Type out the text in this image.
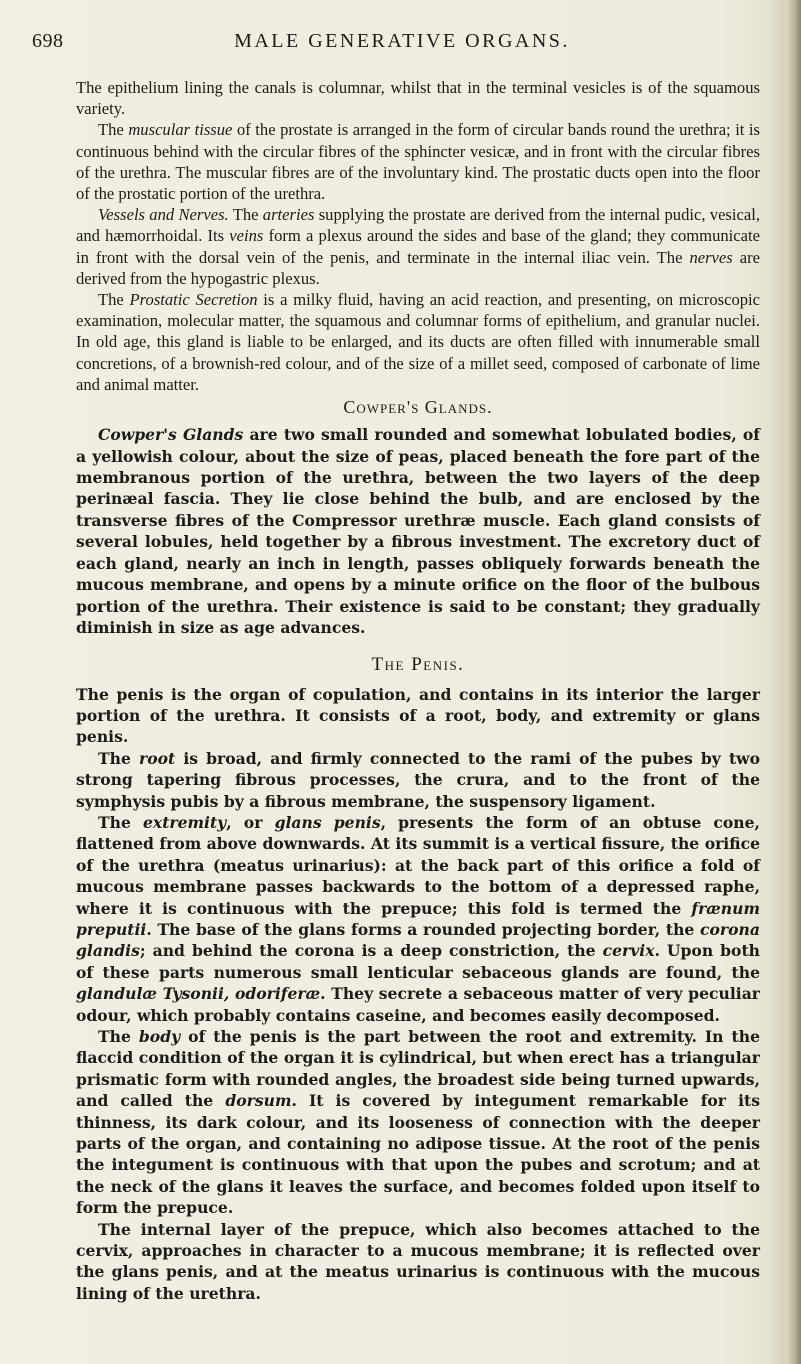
698	MALE GENERATIVE ORGANS.

The epithelium lining the canals is columnar, whilst that in the terminal vesicles is of the squamous variety.

The muscular tissue of the prostate is arranged in the form of circular bands round the urethra; it is continuous behind with the circular fibres of the sphincter vesicæ, and in front with the circular fibres of the urethra. The muscular fibres are of the involuntary kind. The prostatic ducts open into the floor of the prostatic portion of the urethra.

Vessels and Nerves. The arteries supplying the prostate are derived from the internal pudic, vesical, and hæmorrhoidal. Its veins form a plexus around the sides and base of the gland; they communicate in front with the dorsal vein of the penis, and terminate in the internal iliac vein. The nerves are derived from the hypogastric plexus.

The Prostatic Secretion is a milky fluid, having an acid reaction, and presenting, on microscopic examination, molecular matter, the squamous and columnar forms of epithelium, and granular nuclei. In old age, this gland is liable to be enlarged, and its ducts are often filled with innumerable small concretions, of a brownish-red colour, and of the size of a millet seed, composed of carbonate of lime and animal matter.

Cowper's Glands.

Cowper's Glands are two small rounded and somewhat lobulated bodies, of a yellowish colour, about the size of peas, placed beneath the fore part of the membranous portion of the urethra, between the two layers of the deep perinæal fascia. They lie close behind the bulb, and are enclosed by the transverse fibres of the Compressor urethræ muscle. Each gland consists of several lobules, held together by a fibrous investment. The excretory duct of each gland, nearly an inch in length, passes obliquely forwards beneath the mucous membrane, and opens by a minute orifice on the floor of the bulbous portion of the urethra. Their existence is said to be constant; they gradually diminish in size as age advances.

The Penis.

The penis is the organ of copulation, and contains in its interior the larger portion of the urethra. It consists of a root, body, and extremity or glans penis.

The root is broad, and firmly connected to the rami of the pubes by two strong tapering fibrous processes, the crura, and to the front of the symphysis pubis by a fibrous membrane, the suspensory ligament.

The extremity, or glans penis, presents the form of an obtuse cone, flattened from above downwards. At its summit is a vertical fissure, the orifice of the urethra (meatus urinarius): at the back part of this orifice a fold of mucous membrane passes backwards to the bottom of a depressed raphe, where it is continuous with the prepuce; this fold is termed the frænum preputii. The base of the glans forms a rounded projecting border, the corona glandis; and behind the corona is a deep constriction, the cervix. Upon both of these parts numerous small lenticular sebaceous glands are found, the glandulæ Tysonii, odoriferæ. They secrete a sebaceous matter of very peculiar odour, which probably contains caseine, and becomes easily decomposed.

The body of the penis is the part between the root and extremity. In the flaccid condition of the organ it is cylindrical, but when erect has a triangular prismatic form with rounded angles, the broadest side being turned upwards, and called the dorsum. It is covered by integument remarkable for its thinness, its dark colour, and its looseness of connection with the deeper parts of the organ, and containing no adipose tissue. At the root of the penis the integument is continuous with that upon the pubes and scrotum; and at the neck of the glans it leaves the surface, and becomes folded upon itself to form the prepuce.

The internal layer of the prepuce, which also becomes attached to the cervix, approaches in character to a mucous membrane; it is reflected over the glans penis, and at the meatus urinarius is continuous with the mucous lining of the urethra.
